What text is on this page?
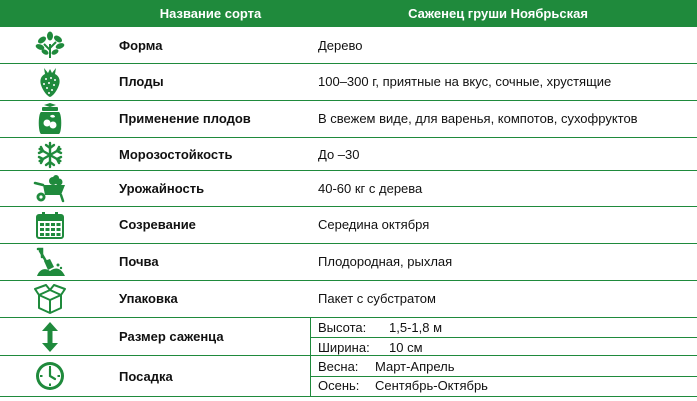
Название сорта	Саженец груши Ноябрьская
Форма	Дерево
Плоды	100–300 г, приятные на вкус, сочные, хрустящие
Применение плодов	В свежем виде, для варенья, компотов, сухофруктов
Морозостойкость	До –30
Урожайность	40-60 кг с дерева
Созревание	Середина октября
Почва	Плодородная, рыхлая
Упаковка	Пакет с субстратом
Размер саженца
Высота: 1,5-1,8 м
Ширина: 10 см
Посадка
Весна: Март-Апрель
Осень: Сентябрь-Октябрь
